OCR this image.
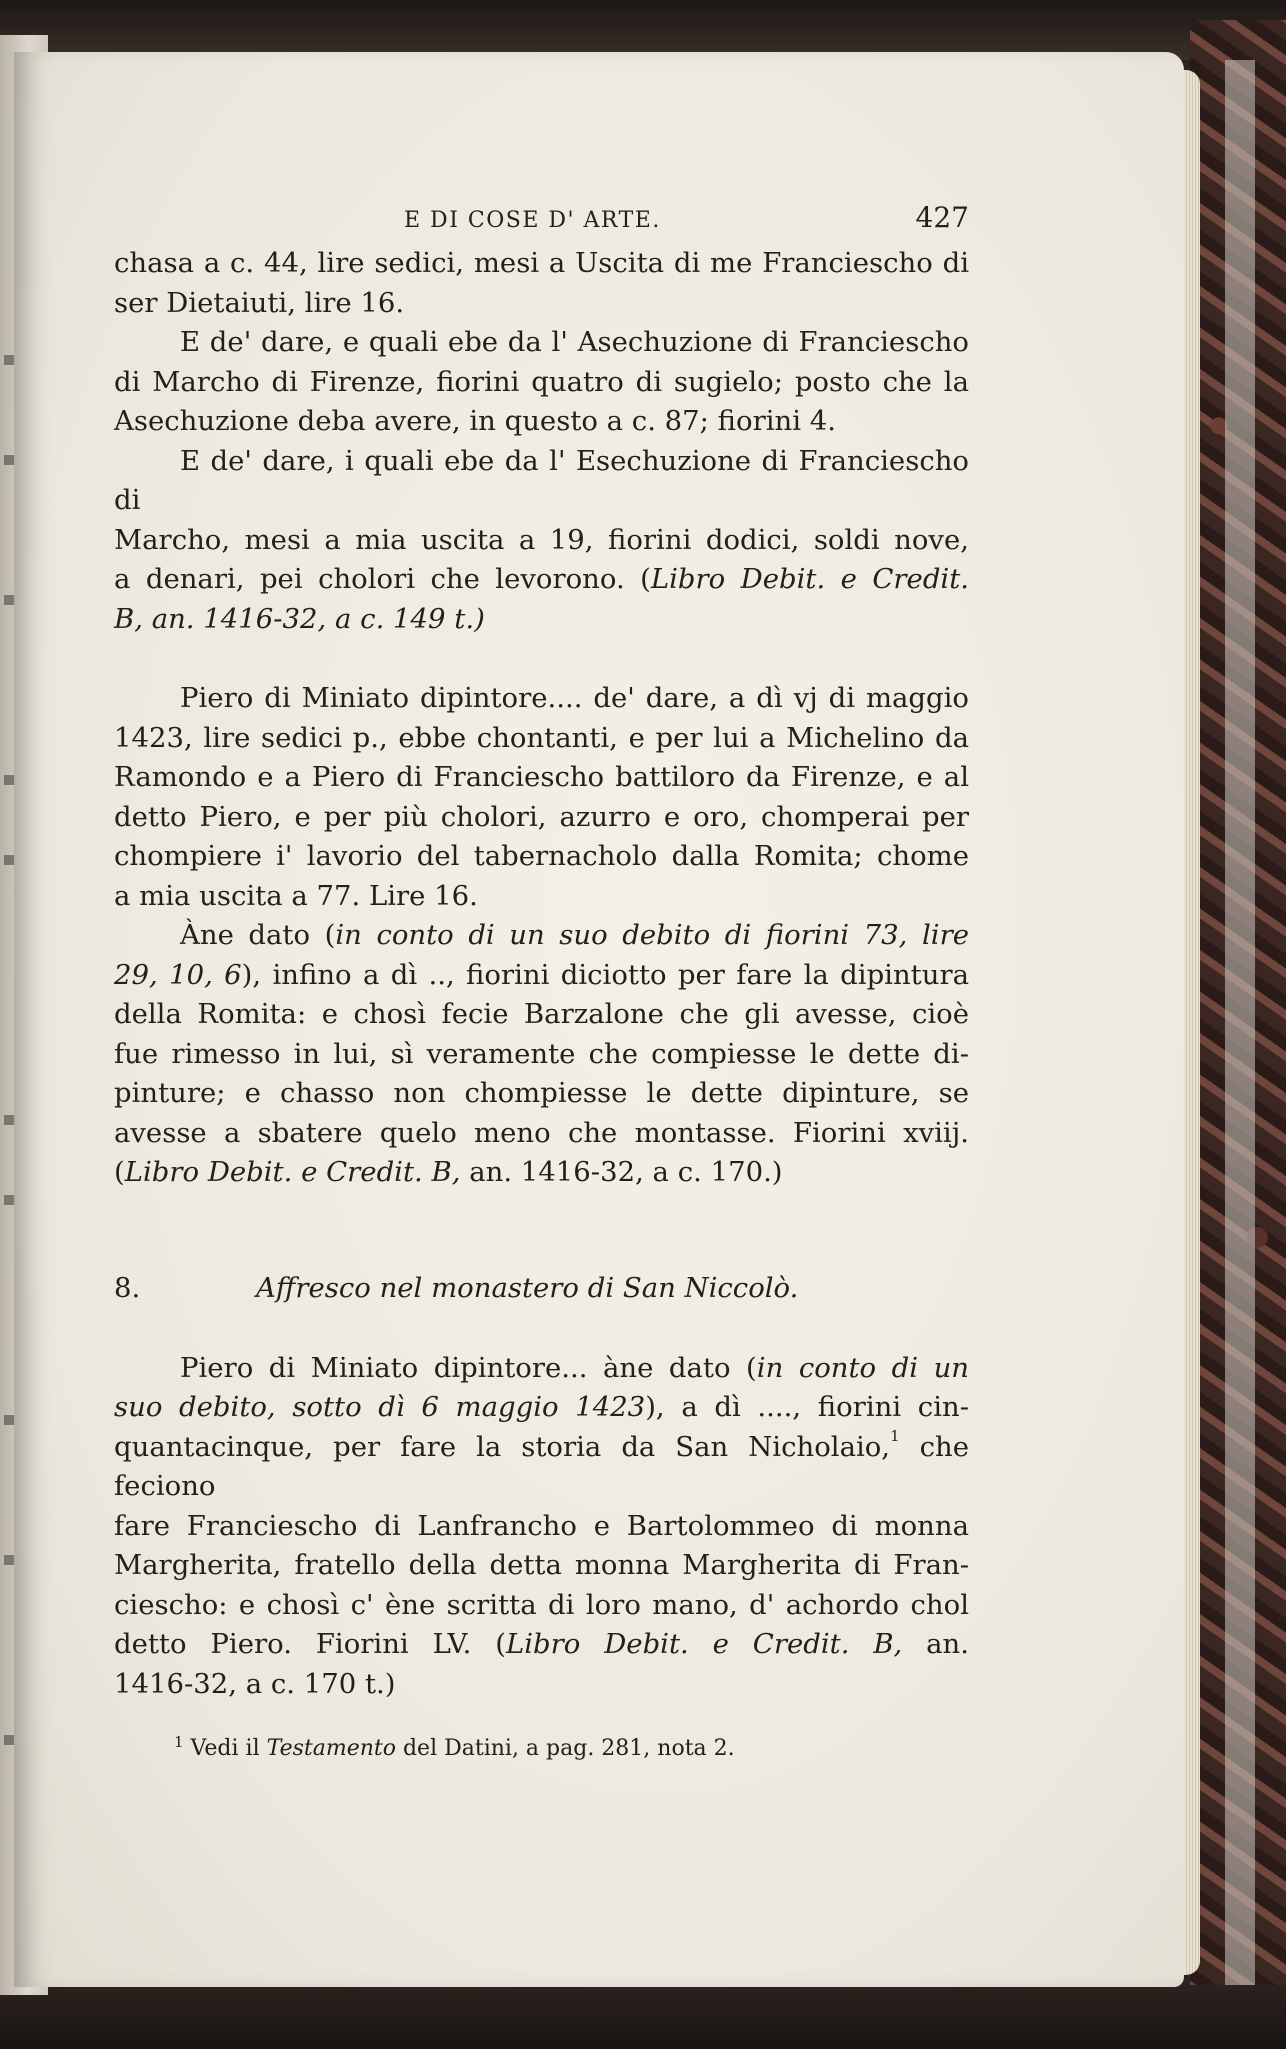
E DI COSE D' ARTE.	427

chasa a c. 44, lire sedici, mesi a Uscita di me Franciescho di
ser Dietaiuti, lire 16.

E de' dare, e quali ebe da l' Asechuzione di Franciescho
di Marcho di Firenze, fiorini quatro di sugielo; posto che la
Asechuzione deba avere, in questo a c. 87; fiorini 4.

E de' dare, i quali ebe da l' Esechuzione di Franciescho di
Marcho, mesi a mia uscita a 19, fiorini dodici, soldi nove,
a denari, pei cholori che levorono. (Libro Debit. e Credit.
B, an. 1416-32, a c. 149 t.)

Piero di Miniato dipintore.... de' dare, a dì vj di maggio
1423, lire sedici p., ebbe chontanti, e per lui a Michelino da
Ramondo e a Piero di Franciescho battiloro da Firenze, e al
detto Piero, e per più cholori, azurro e oro, chomperai per
chompiere i' lavorio del tabernacholo dalla Romita; chome
a mia uscita a 77. Lire 16.

Àne dato (in conto di un suo debito di fiorini 73, lire
29, 10, 6), infino a dì .., fiorini diciotto per fare la dipintura
della Romita: e chosì fecie Barzalone che gli avesse, cioè
fue rimesso in lui, sì veramente che compiesse le dette di-
pinture; e chasso non chompiesse le dette dipinture, se
avesse a sbatere quelo meno che montasse. Fiorini xviij.
(Libro Debit. e Credit. B, an. 1416-32, a c. 170.)

8.	Affresco nel monastero di San Niccolò.

Piero di Miniato dipintore... àne dato (in conto di un
suo debito, sotto dì 6 maggio 1423), a dì ...., fiorini cin-
quantacinque, per fare la storia da San Nicholaio,$^1$ che feciono
fare Franciescho di Lanfrancho e Bartolommeo di monna
Margherita, fratello della detta monna Margherita di Fran-
ciescho: e chosì c' ène scritta di loro mano, d' achordo chol
detto Piero. Fiorini LV. (Libro Debit. e Credit. B, an.
1416-32, a c. 170 t.)

$^1$ Vedi il Testamento del Datini, a pag. 281, nota 2.
